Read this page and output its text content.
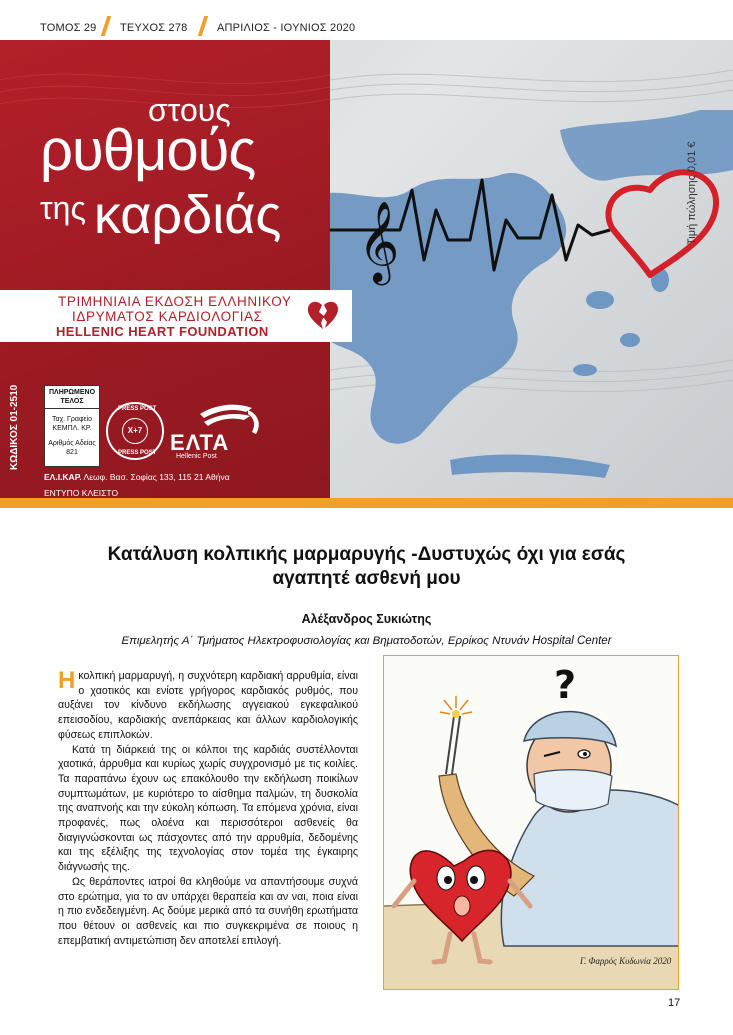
ΤΟΜΟΣ 29 ΤΕΥΧΟΣ 278	ΑΠΡΙΛΙΟΣ - ΙΟΥΝΙΟΣ 2020
𝄞
στους
ρυθμούς
$^{\tau\eta\varsigma}$ καρδιάς
ΤΡΙΜΗΝΙΑΙΑ ΕΚΔΟΣΗ ΕΛΛΗΝΙΚΟΥ
ΙΔΡΥΜΑΤΟΣ ΚΑΡΔΙΟΛΟΓΙΑΣ
HELLENIC HEART FOUNDATION
Τιμή πώλησης 0,01 €
ΚΩΔΙΚΟΣ 01-2510	ΠΛΗΡΩΜΕΝΟ ΤΕΛΟΣ
Ταχ. Γραφείο ΚΕΜΠΛ. ΚΡ.
Αριθμός Αδείας 821
PRESS POST
X+7
PRESS POST ΕΛΤΑ
Hellenic Post
ΕΛ.Ι.ΚΑΡ. Λεωφ. Βασ. Σοφίας 133, 115 21 Αθήνα
ΕΝΤΥΠΟ ΚΛΕΙΣΤΟ
Κατάλυση κολπικής μαρμαρυγής -Δυστυχώς όχι για εσάς
αγαπητέ ασθενή μου
Αλέξανδρος Συκιώτης
Επιμελητής Α΄ Τμήματος Ηλεκτροφυσιολογίας και Βηματοδοτών, Ερρίκος Ντυνάν Hospital Center

Ηκολπική μαρμαρυγή, η συχνότερη καρδιακή αρρυθμία, είναι ο χαοτικός και ενίοτε γρήγορος καρδιακός ρυθμός, που αυξάνει τον κίνδυνο εκδήλωσης αγγειακού εγκεφαλικού επεισοδίου, καρδιακής ανεπάρκειας και άλλων καρδιολογικής φύσεως επιπλοκών.

Κατά τη διάρκειά της οι κόλποι της καρδιάς συστέλλονται χαοτικά, άρρυθμα και κυρίως χωρίς συγχρονισμό με τις κοιλίες. Τα παραπάνω έχουν ως επακόλουθο την εκδήλωση ποικίλων συμπτωμάτων, με κυριότερο το αίσθημα παλμών, τη δυσκολία της αναπνοής και την εύκολη κόπωση. Τα επόμενα χρόνια, είναι προφανές, πως ολοένα και περισσότεροι ασθενείς θα διαγιγνώσκονται ως πάσχοντες από την αρρυθμία, δεδομένης και της εξέλιξης της τεχνολογίας στον τομέα της έγκαιρης διάγνωσής της.

Ως θεράποντες ιατροί θα κληθούμε να απαντήσουμε συχνά στο ερώτημα, για το αν υπάρχει θεραπεία και αν ναι, ποια είναι η πιο ενδεδειγμένη. Ας δούμε μερικά από τα συνήθη ερωτήματα που θέτουν οι ασθενείς και πιο συγκεκριμένα σε ποιους η επεμβατική αντιμετώπιση δεν αποτελεί επιλογή.

?
Γ. Φαρρός Κυδωνία 2020
17
